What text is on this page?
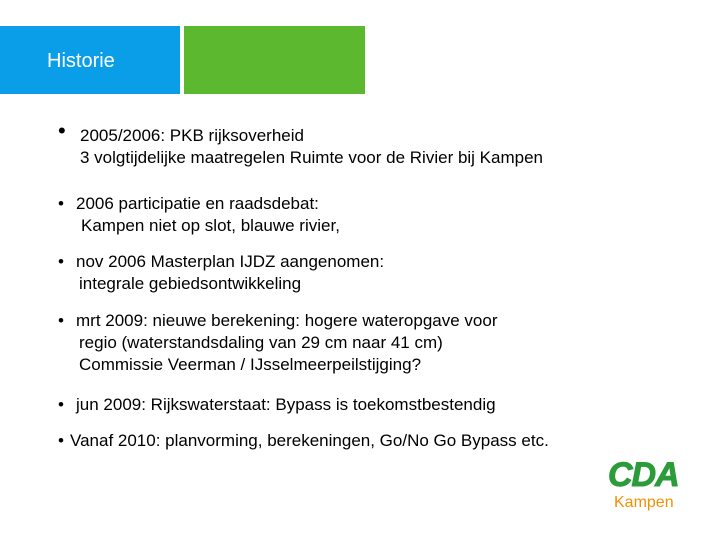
Historie
• 2005/2006: PKB rijksoverheid
3 volgtijdelijke maatregelen Ruimte voor de Rivier bij Kampen
• 2006 participatie en raadsdebat:
Kampen niet op slot, blauwe rivier,
• nov 2006 Masterplan IJDZ aangenomen:
integrale gebiedsontwikkeling
• mrt 2009: nieuwe berekening: hogere wateropgave voor
regio (waterstandsdaling van 29 cm naar 41 cm)
Commissie Veerman / IJsselmeerpeilstijging?
• jun 2009: Rijkswaterstaat: Bypass is toekomstbestendig
• Vanaf 2010: planvorming, berekeningen, Go/No Go Bypass etc.
CDA
Kampen
